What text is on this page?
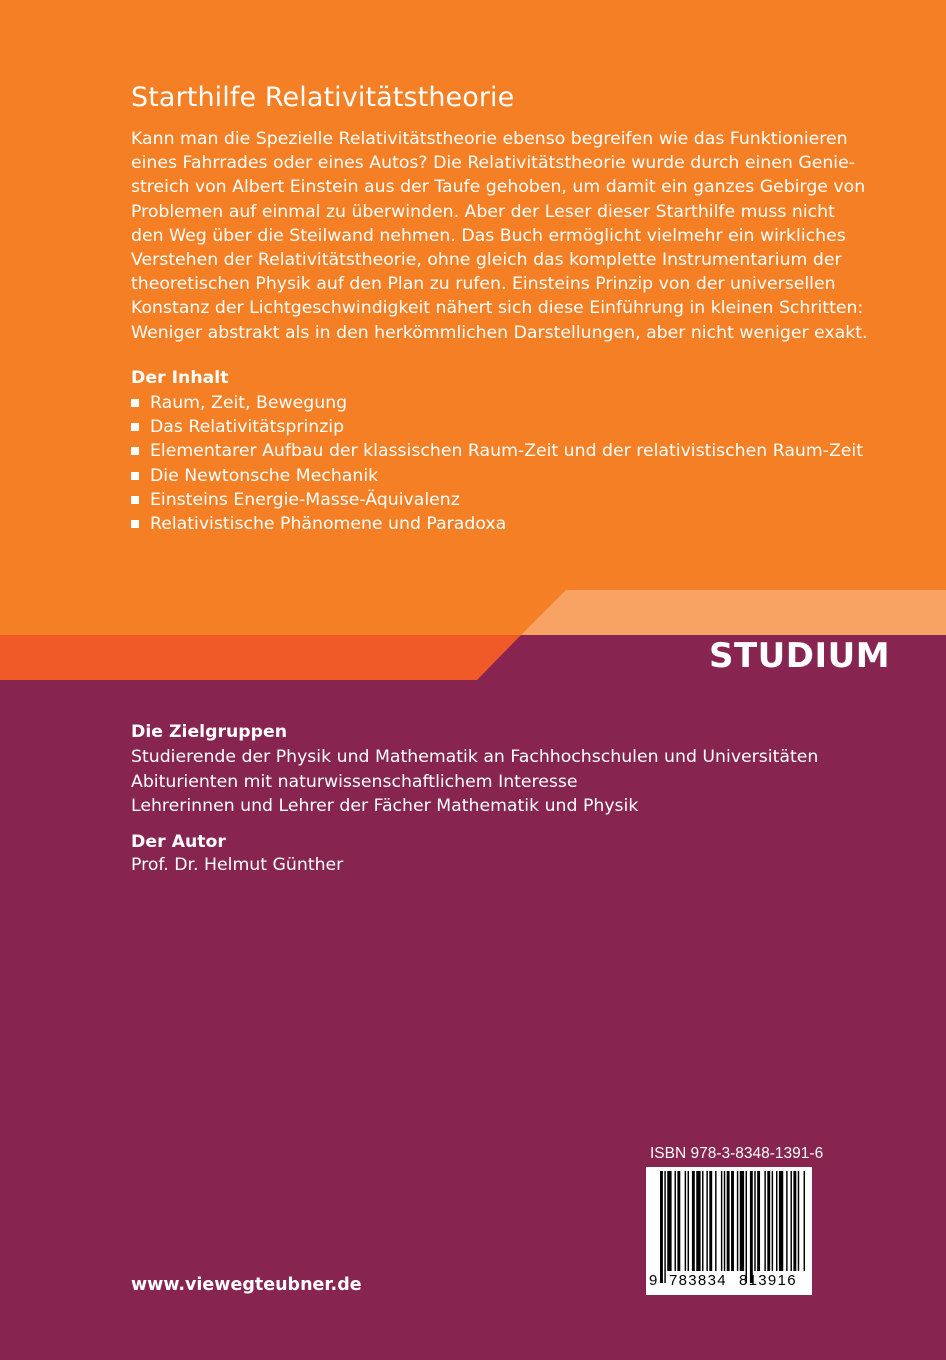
Starthilfe Relativitätstheorie
Kann man die Spezielle Relativitätstheorie ebenso begreifen wie das Funktionieren
eines Fahrrades oder eines Autos? Die Relativitätstheorie wurde durch einen Genie-
streich von Albert Einstein aus der Taufe gehoben, um damit ein ganzes Gebirge von
Problemen auf einmal zu überwinden. Aber der Leser dieser Starthilfe muss nicht
den Weg über die Steilwand nehmen. Das Buch ermöglicht vielmehr ein wirkliches
Verstehen der Relativitätstheorie, ohne gleich das komplette Instrumentarium der
theoretischen Physik auf den Plan zu rufen. Einsteins Prinzip von der universellen
Konstanz der Lichtgeschwindigkeit nähert sich diese Einführung in kleinen Schritten:
Weniger abstrakt als in den herkömmlichen Darstellungen, aber nicht weniger exakt.
Der Inhalt
Raum, Zeit, Bewegung
Das Relativitätsprinzip
Elementarer Aufbau der klassischen Raum-Zeit und der relativistischen Raum-Zeit
Die Newtonsche Mechanik
Einsteins Energie-Masse-Äquivalenz
Relativistische Phänomene und Paradoxa
STUDIUM
Die Zielgruppen
Studierende der Physik und Mathematik an Fachhochschulen und Universitäten
Abiturienten mit naturwissenschaftlichem Interesse
Lehrerinnen und Lehrer der Fächer Mathematik und Physik
Der Autor
Prof. Dr. Helmut Günther
www.viewegteubner.de
ISBN 978-3-8348-1391-6
9 783834 813916
